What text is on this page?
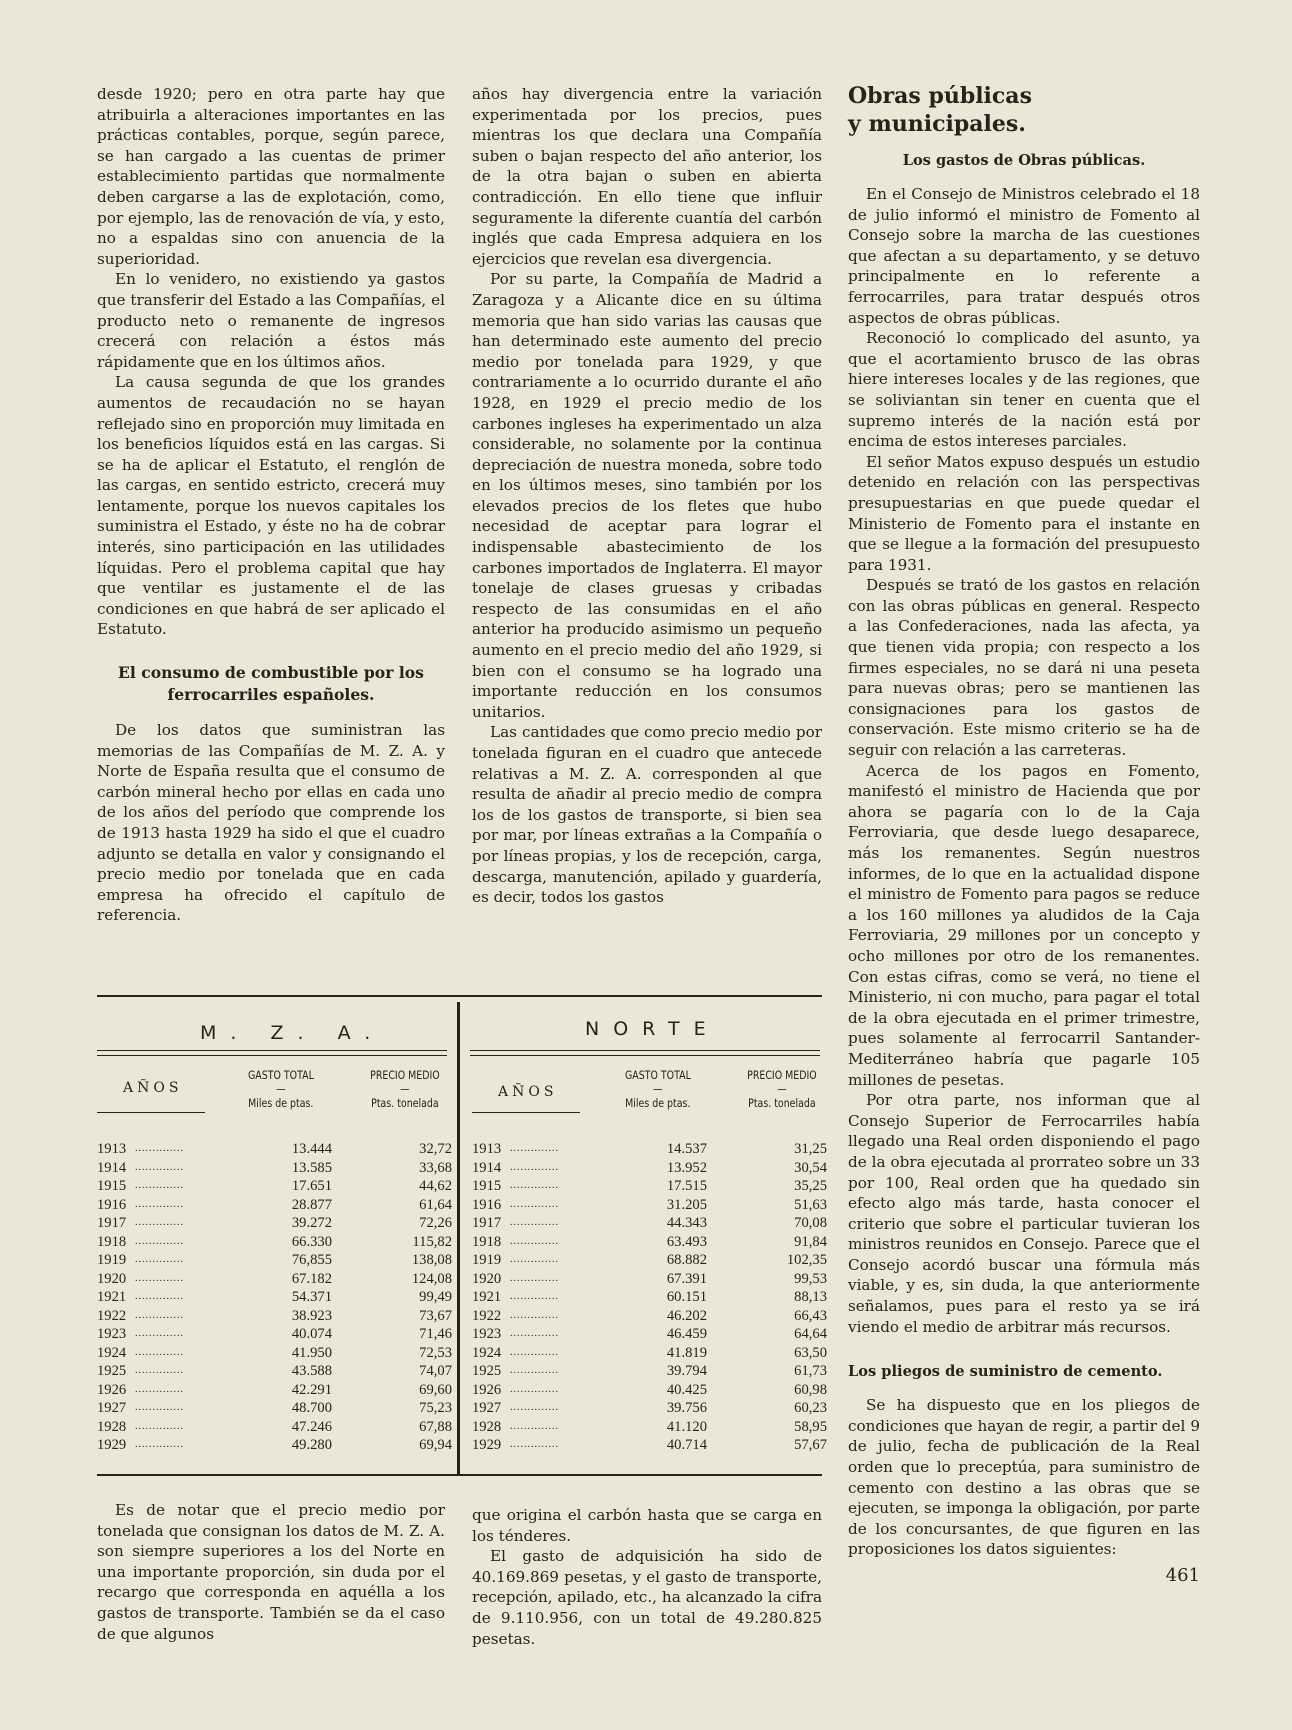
desde 1920; pero en otra parte hay que atribuirla a alteraciones importantes en las prácticas contables, porque, según parece, se han cargado a las cuentas de primer establecimiento partidas que normalmente deben cargarse a las de explotación, como, por ejemplo, las de renovación de vía, y esto, no a espaldas sino con anuencia de la superioridad.

En lo venidero, no existiendo ya gastos que transferir del Estado a las Compañías, el producto neto o remanente de ingresos crecerá con relación a éstos más rápidamente que en los últimos años.

La causa segunda de que los grandes aumentos de recaudación no se hayan reflejado sino en proporción muy limitada en los beneficios líquidos está en las cargas. Si se ha de aplicar el Estatuto, el renglón de las cargas, en sentido estricto, crecerá muy lentamente, porque los nuevos capitales los suministra el Estado, y éste no ha de cobrar interés, sino participación en las utilidades líquidas. Pero el problema capital que hay que ventilar es justamente el de las condiciones en que habrá de ser aplicado el Estatuto.

El consumo de combustible por los ferrocarriles españoles.

De los datos que suministran las memorias de las Compañías de M. Z. A. y Norte de España resulta que el consumo de carbón mineral hecho por ellas en cada uno de los años del período que comprende los de 1913 hasta 1929 ha sido el que el cuadro adjunto se detalla en valor y consignando el precio medio por tonelada que en cada empresa ha ofrecido el capítulo de referencia.

años hay divergencia entre la variación experimentada por los precios, pues mientras los que declara una Compañía suben o bajan respecto del año anterior, los de la otra bajan o suben en abierta contradicción. En ello tiene que influir seguramente la diferente cuantía del carbón inglés que cada Empresa adquiera en los ejercicios que revelan esa divergencia.

Por su parte, la Compañía de Madrid a Zaragoza y a Alicante dice en su última memoria que han sido varias las causas que han determinado este aumento del precio medio por tonelada para 1929, y que contrariamente a lo ocurrido durante el año 1928, en 1929 el precio medio de los carbones ingleses ha experimentado un alza considerable, no solamente por la continua depreciación de nuestra moneda, sobre todo en los últimos meses, sino también por los elevados precios de los fletes que hubo necesidad de aceptar para lograr el indispensable abastecimiento de los carbones importados de Inglaterra. El mayor tonelaje de clases gruesas y cribadas respecto de las consumidas en el año anterior ha producido asimismo un pequeño aumento en el precio medio del año 1929, si bien con el consumo se ha logrado una importante reducción en los consumos unitarios.

Las cantidades que como precio medio por tonelada figuran en el cuadro que antecede relativas a M. Z. A. corresponden al que resulta de añadir al precio medio de compra los de los gastos de transporte, si bien sea por mar, por líneas extrañas a la Compañía o por líneas propias, y los de recepción, carga, descarga, manutención, apilado y guardería, es decir, todos los gastos

Obras públicas y municipales.
Los gastos de Obras públicas.

En el Consejo de Ministros celebrado el 18 de julio informó el ministro de Fomento al Consejo sobre la marcha de las cuestiones que afectan a su departamento, y se detuvo principalmente en lo referente a ferrocarriles, para tratar después otros aspectos de obras públicas.

Reconoció lo complicado del asunto, ya que el acortamiento brusco de las obras hiere intereses locales y de las regiones, que se soliviantan sin tener en cuenta que el supremo interés de la nación está por encima de estos intereses parciales.

El señor Matos expuso después un estudio detenido en relación con las perspectivas presupuestarias en que puede quedar el Ministerio de Fomento para el instante en que se llegue a la formación del presupuesto para 1931.

Después se trató de los gastos en relación con las obras públicas en general. Respecto a las Confederaciones, nada las afecta, ya que tienen vida propia; con respecto a los firmes especiales, no se dará ni una peseta para nuevas obras; pero se mantienen las consignaciones para los gastos de conservación. Este mismo criterio se ha de seguir con relación a las carreteras.

Acerca de los pagos en Fomento, manifestó el ministro de Hacienda que por ahora se pagaría con lo de la Caja Ferroviaria, que desde luego desaparece, más los remanentes. Según nuestros informes, de lo que en la actualidad dispone el ministro de Fomento para pagos se reduce a los 160 millones ya aludidos de la Caja Ferroviaria, 29 millones por un concepto y ocho millones por otro de los remanentes. Con estas cifras, como se verá, no tiene el Ministerio, ni con mucho, para pagar el total de la obra ejecutada en el primer trimestre, pues solamente al ferrocarril Santander-Mediterráneo habría que pagarle 105 millones de pesetas.

Por otra parte, nos informan que al Consejo Superior de Ferrocarriles había llegado una Real orden disponiendo el pago de la obra ejecutada al prorrateo sobre un 33 por 100, Real orden que ha quedado sin efecto algo más tarde, hasta conocer el criterio que sobre el particular tuvieran los ministros reunidos en Consejo. Parece que el Consejo acordó buscar una fórmula más viable, y es, sin duda, la que anteriormente señalamos, pues para el resto ya se irá viendo el medio de arbitrar más recursos.

Los pliegos de suministro de cemento.

Se ha dispuesto que en los pliegos de condiciones que hayan de regir, a partir del 9 de julio, fecha de publicación de la Real orden que lo preceptúa, para suministro de cemento con destino a las obras que se ejecuten, se imponga la obligación, por parte de los concursantes, de que figuren en las proposiciones los datos siguientes:

M. Z. A.	NORTE
AÑOS
GASTO TOTAL
—
Miles de ptas.
PRECIO MEDIO
—
Ptas. tonelada
AÑOS
GASTO TOTAL
—
Miles de ptas.
PRECIO MEDIO
—
Ptas. tonelada
1913 ..............	13.444	32,72
1914 ..............	13.585	33,68
1915 ..............	17.651	44,62
1916 ..............	28.877	61,64
1917 ..............	39.272	72,26
1918 ..............	66.330	115,82
1919 ..............	76,855	138,08
1920 ..............	67.182	124,08
1921 ..............	54.371	99,49
1922 ..............	38.923	73,67
1923 ..............	40.074	71,46
1924 ..............	41.950	72,53
1925 ..............	43.588	74,07
1926 ..............	42.291	69,60
1927 ..............	48.700	75,23
1928 ..............	47.246	67,88
1929 ..............	49.280	69,94
1913 ..............	14.537	31,25
1914 ..............	13.952	30,54
1915 ..............	17.515	35,25
1916 ..............	31.205	51,63
1917 ..............	44.343	70,08
1918 ..............	63.493	91,84
1919 ..............	68.882	102,35
1920 ..............	67.391	99,53
1921 ..............	60.151	88,13
1922 ..............	46.202	66,43
1923 ..............	46.459	64,64
1924 ..............	41.819	63,50
1925 ..............	39.794	61,73
1926 ..............	40.425	60,98
1927 ..............	39.756	60,23
1928 ..............	41.120	58,95
1929 ..............	40.714	57,67

Es de notar que el precio medio por tonelada que consignan los datos de M. Z. A. son siempre superiores a los del Norte en una importante proporción, sin duda por el recargo que corresponda en aquélla a los gastos de transporte. También se da el caso de que algunos

que origina el carbón hasta que se carga en los ténderes.

El gasto de adquisición ha sido de 40.169.869 pesetas, y el gasto de transporte, recepción, apilado, etc., ha alcanzado la cifra de 9.110.956, con un total de 49.280.825 pesetas.

461
